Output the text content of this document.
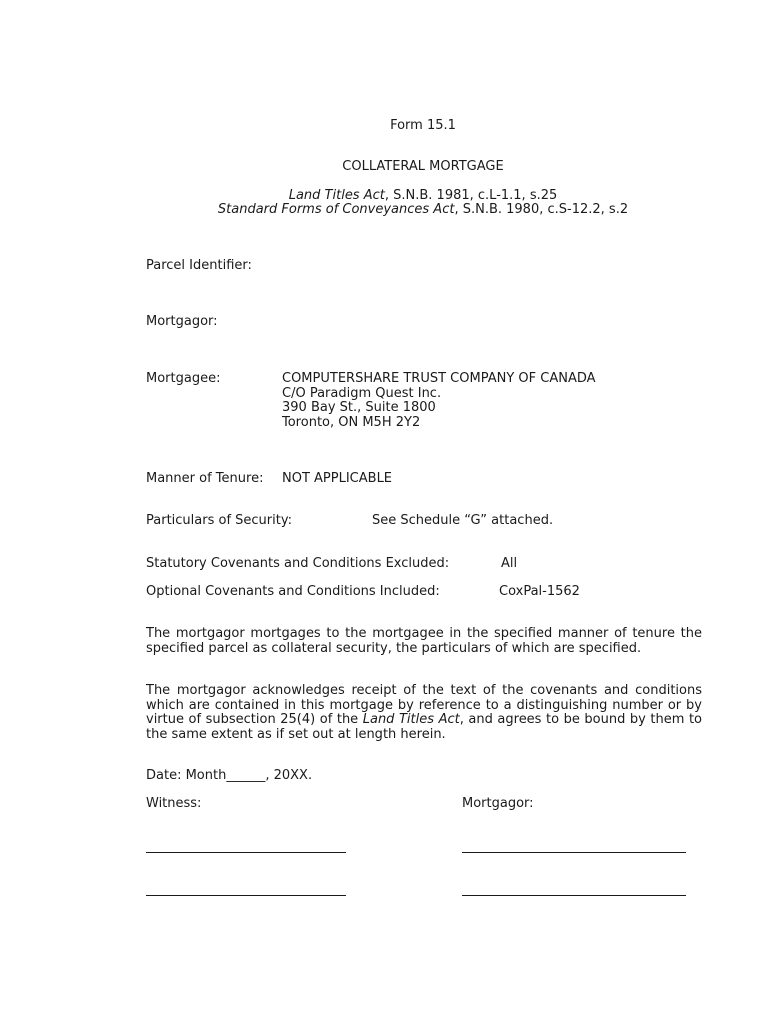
Form 15.1
COLLATERAL MORTGAGE
Land Titles Act, S.N.B. 1981, c.L-1.1, s.25
Standard Forms of Conveyances Act, S.N.B. 1980, c.S-12.2, s.2
Parcel Identifier:
Mortgagor:
Mortgagee:	COMPUTERSHARE TRUST COMPANY OF CANADA
C/O Paradigm Quest Inc.
390 Bay St., Suite 1800
Toronto, ON M5H 2Y2
Manner of Tenure: NOT APPLICABLE
Particulars of Security:	See Schedule “G” attached.
Statutory Covenants and Conditions Excluded:	All
Optional Covenants and Conditions Included:	CoxPal-1562
The mortgagor mortgages to the mortgagee in the specified manner of tenure the specified parcel as collateral security, the particulars of which are specified.
The mortgagor acknowledges receipt of the text of the covenants and conditions which are contained in this mortgage by reference to a distinguishing number or by virtue of subsection 25(4) of the Land Titles Act, and agrees to be bound by them to the same extent as if set out at length herein.
Date: Month______, 20XX.
Witness:	Mortgagor:
